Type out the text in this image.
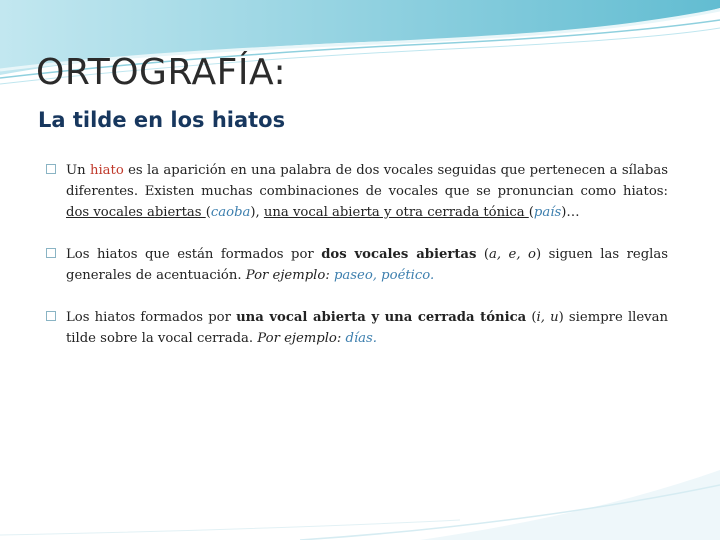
ORTOGRAFÍA:
La tilde en los hiatos

Un hiato es la aparición en una palabra de dos vocales seguidas que pertenecen a sílabas diferentes. Existen muchas combinaciones de vocales que se pronuncian como hiatos: dos vocales abiertas (caoba), una vocal abierta y otra cerrada tónica (país)…

Los hiatos que están formados por dos vocales abiertas (a, e, o) siguen las reglas generales de acentuación. Por ejemplo: paseo, poético.

Los hiatos formados por una vocal abierta y una cerrada tónica (i, u) siempre llevan tilde sobre la vocal cerrada. Por ejemplo: días.
